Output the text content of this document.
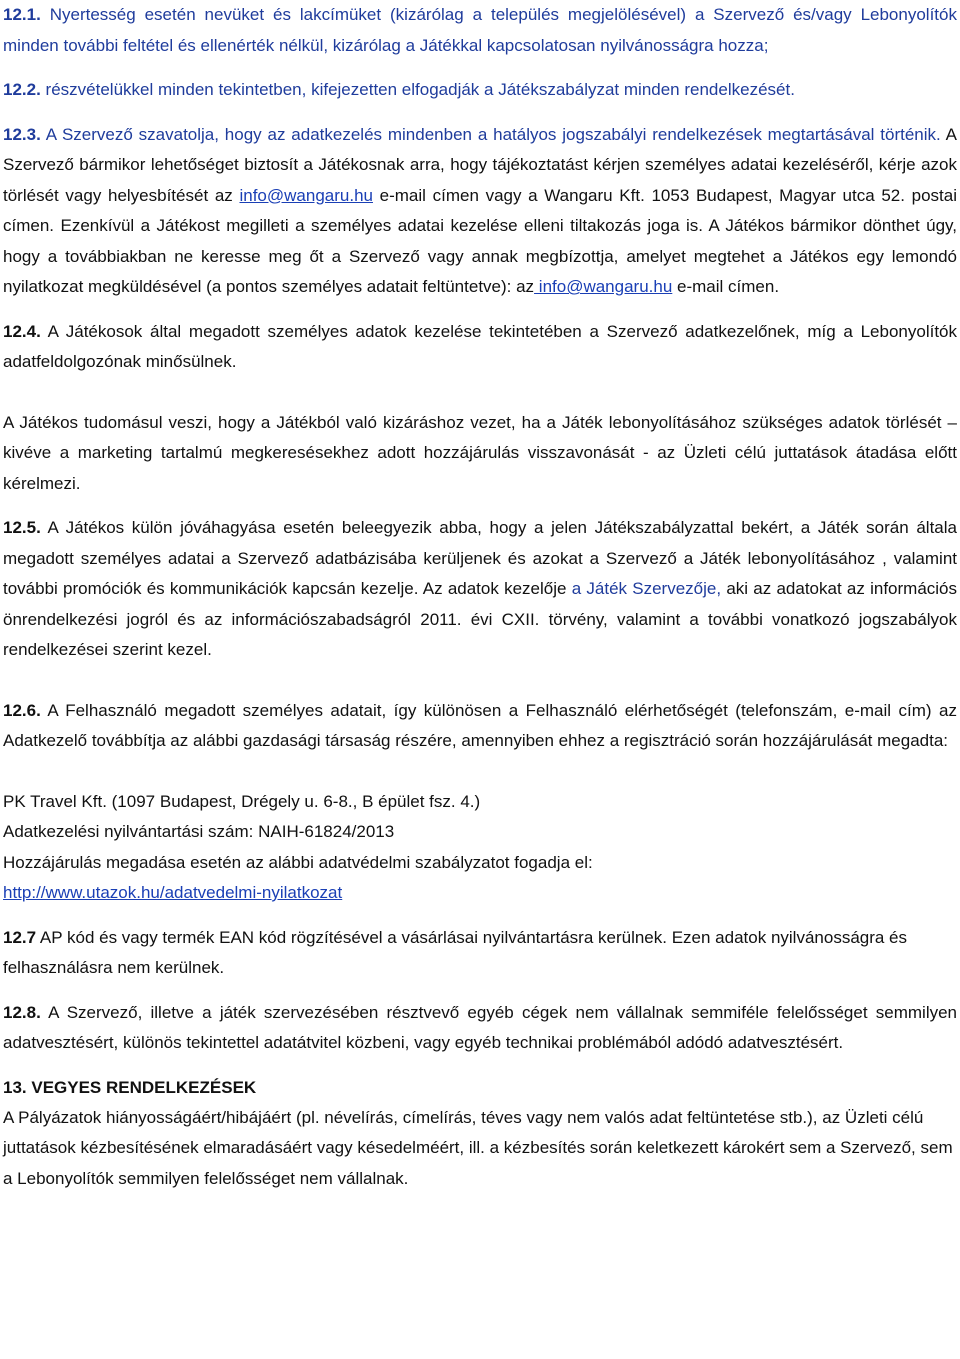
12.1. Nyertesség esetén nevüket és lakcímüket (kizárólag a település megjelölésével) a Szervező és/vagy Lebonyolítók minden további feltétel és ellenérték nélkül, kizárólag a Játékkal kapcsolatosan nyilvánosságra hozza;

12.2. részvételükkel minden tekintetben, kifejezetten elfogadják a Játékszabályzat minden rendelkezését.

12.3. A Szervező szavatolja, hogy az adatkezelés mindenben a hatályos jogszabályi rendelkezések megtartásával történik. A Szervező bármikor lehetőséget biztosít a Játékosnak arra, hogy tájékoztatást kérjen személyes adatai kezeléséről, kérje azok törlését vagy helyesbítését az info@wangaru.hu e-mail címen vagy a Wangaru Kft. 1053 Budapest, Magyar utca 52. postai címen. Ezenkívül a Játékost megilleti a személyes adatai kezelése elleni tiltakozás joga is. A Játékos bármikor dönthet úgy, hogy a továbbiakban ne keresse meg őt a Szervező vagy annak megbízottja, amelyet megtehet a Játékos egy lemondó nyilatkozat megküldésével (a pontos személyes adatait feltüntetve): az info@wangaru.hu e-mail címen.

12.4. A Játékosok által megadott személyes adatok kezelése tekintetében a Szervező adatkezelőnek, míg a Lebonyolítók adatfeldolgozónak minősülnek.

A Játékos tudomásul veszi, hogy a Játékból való kizáráshoz vezet, ha a Játék lebonyolításához szükséges adatok törlését – kivéve a marketing tartalmú megkeresésekhez adott hozzájárulás visszavonását - az Üzleti célú juttatások átadása előtt kérelmezi.

12.5. A Játékos külön jóváhagyása esetén beleegyezik abba, hogy a jelen Játékszabályzattal bekért, a Játék során általa megadott személyes adatai a Szervező adatbázisába kerüljenek és azokat a Szervező a Játék lebonyolításához , valamint további promóciók és kommunikációk kapcsán kezelje. Az adatok kezelője a Játék Szervezője, aki az adatokat az információs önrendelkezési jogról és az információszabadságról 2011. évi CXII. törvény, valamint a további vonatkozó jogszabályok rendelkezései szerint kezel.

12.6. A Felhasználó megadott személyes adatait, így különösen a Felhasználó elérhetőségét (telefonszám, e-mail cím) az Adatkezelő továbbítja az alábbi gazdasági társaság részére, amennyiben ehhez a regisztráció során hozzájárulását megadta:

PK Travel Kft. (1097 Budapest, Drégely u. 6-8., B épület fsz. 4.)
Adatkezelési nyilvántartási szám: NAIH-61824/2013
Hozzájárulás megadása esetén az alábbi adatvédelmi szabályzatot fogadja el:
http://www.utazok.hu/adatvedelmi-nyilatkozat

12.7 AP kód és vagy termék EAN kód rögzítésével a vásárlásai nyilvántartásra kerülnek. Ezen adatok nyilvánosságra és felhasználásra nem kerülnek.

12.8. A Szervező, illetve a játék szervezésében résztvevő egyéb cégek nem vállalnak semmiféle felelősséget semmilyen adatvesztésért, különös tekintettel adatátvitel közbeni, vagy egyéb technikai problémából adódó adatvesztésért.

13. VEGYES RENDELKEZÉSEK

A Pályázatok hiányosságáért/hibájáért (pl. névelírás, címelírás, téves vagy nem valós adat feltüntetése stb.), az Üzleti célú juttatások kézbesítésének elmaradásáért vagy késedelméért, ill. a kézbesítés során keletkezett károkért sem a Szervező, sem a Lebonyolítók semmilyen felelősséget nem vállalnak.
